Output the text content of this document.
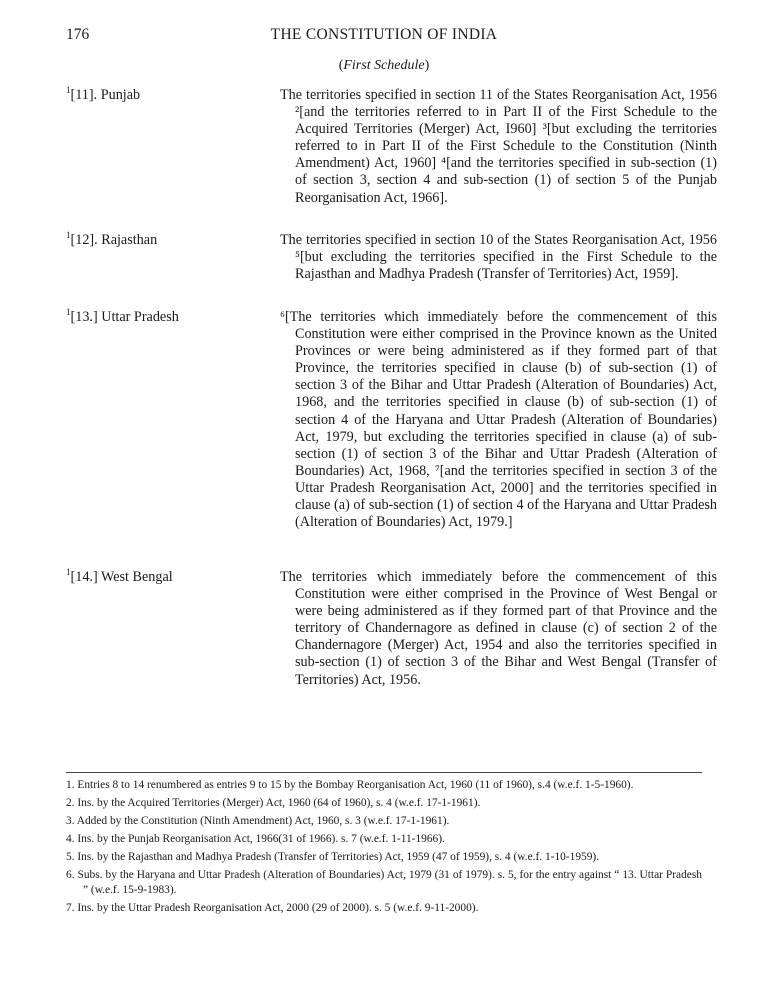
176	THE CONSTITUTION OF INDIA
(First Schedule)
$^1$[11]. Punjab	The territories specified in section 11 of the States Reorganisation Act, 1956 ²[and the territories referred to in Part II of the First Schedule to the Acquired Territories (Merger) Act, I960] ³[but excluding the territories referred to in Part II of the First Schedule to the Constitution (Ninth Amendment) Act, 1960] ⁴[and the territories specified in sub-section (1) of section 3, section 4 and sub-section (1) of section 5 of the Punjab Reorganisation Act, 1966].
$^1$[12]. Rajasthan	The territories specified in section 10 of the States Reorganisation Act, 1956 ⁵[but excluding the territories specified in the First Schedule to the Rajasthan and Madhya Pradesh (Transfer of Territories) Act, 1959].
$^1$[13.] Uttar Pradesh	⁶[The territories which immediately before the commencement of this Constitution were either comprised in the Province known as the United Provinces or were being administered as if they formed part of that Province, the territories specified in clause (b) of sub-section (1) of section 3 of the Bihar and Uttar Pradesh (Alteration of Boundaries) Act, 1968, and the territories specified in clause (b) of sub-section (1) of section 4 of the Haryana and Uttar Pradesh (Alteration of Boundaries) Act, 1979, but excluding the territories specified in clause (a) of sub-section (1) of section 3 of the Bihar and Uttar Pradesh (Alteration of Boundaries) Act, 1968, ⁷[and the territories specified in section 3 of the Uttar Pradesh Reorganisation Act, 2000] and the territories specified in clause (a) of sub-section (1) of section 4 of the Haryana and Uttar Pradesh (Alteration of Boundaries) Act, 1979.]
$^1$[14.] West Bengal	The territories which immediately before the commencement of this Constitution were either comprised in the Province of West Bengal or were being administered as if they formed part of that Province and the territory of Chandernagore as defined in clause (c) of section 2 of the Chandernagore (Merger) Act, 1954 and also the territories specified in sub-section (1) of section 3 of the Bihar and West Bengal (Transfer of Territories) Act, 1956.
1. Entries 8 to 14 renumbered as entries 9 to 15 by the Bombay Reorganisation Act, 1960 (11 of 1960), s.4 (w.e.f. 1-5-1960).
2. Ins. by the Acquired Territories (Merger) Act, 1960 (64 of 1960), s. 4 (w.e.f. 17-1-1961).
3. Added by the Constitution (Ninth Amendment) Act, 1960, s. 3 (w.e.f. 17-1-1961).
4. Ins. by the Punjab Reorganisation Act, 1966(31 of 1966). s. 7 (w.e.f. 1-11-1966).
5. Ins. by the Rajasthan and Madhya Pradesh (Transfer of Territories) Act, 1959 (47 of 1959), s. 4 (w.e.f. 1-10-1959).
6. Subs. by the Haryana and Uttar Pradesh (Alteration of Boundaries) Act, 1979 (31 of 1979). s. 5, for the entry against “ 13. Uttar Pradesh ” (w.e.f. 15-9-1983).
7. Ins. by the Uttar Pradesh Reorganisation Act, 2000 (29 of 2000). s. 5 (w.e.f. 9-11-2000).
